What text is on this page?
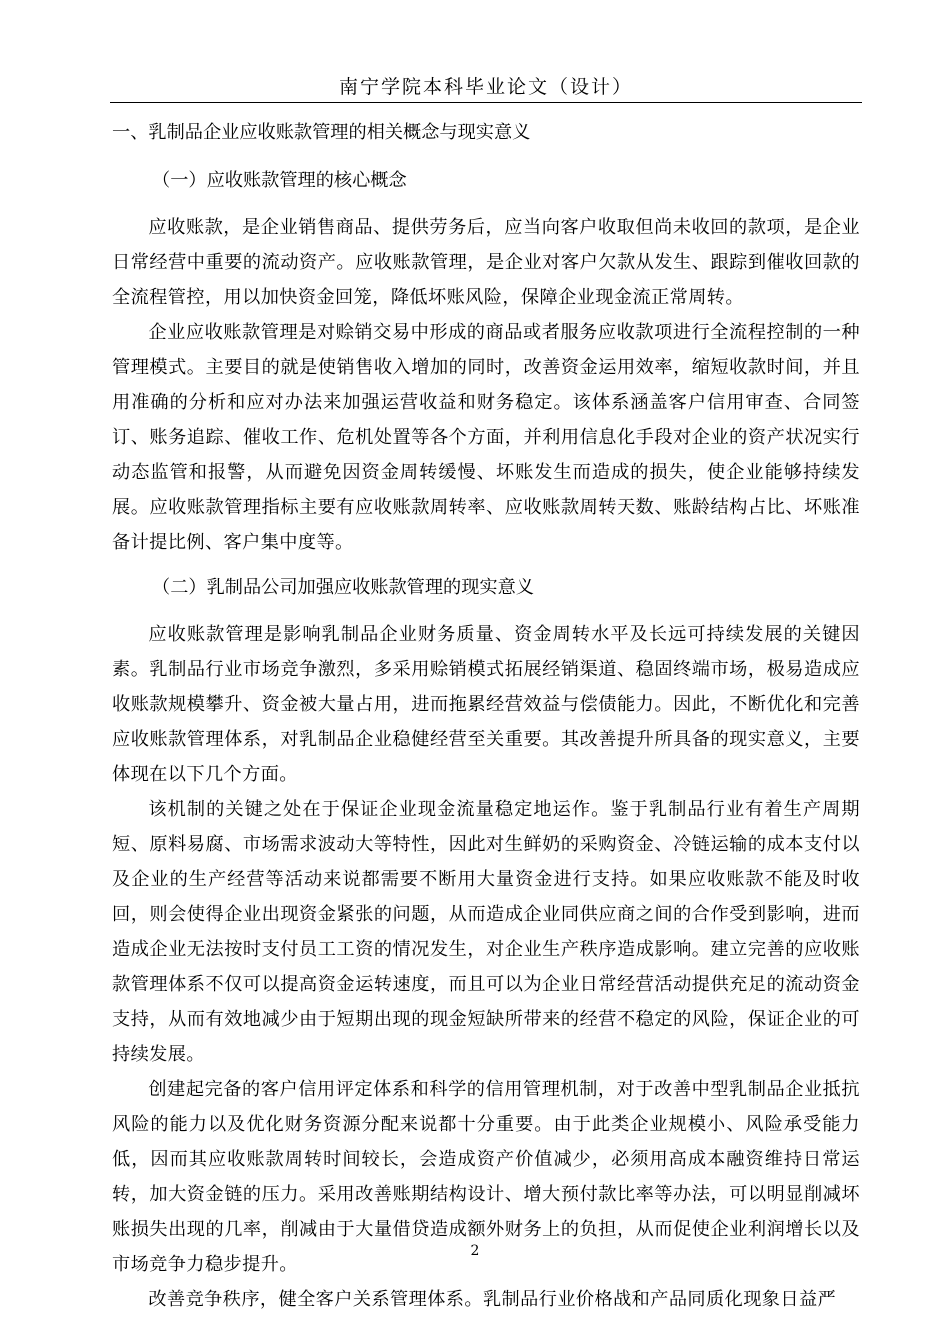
南宁学院本科毕业论文（设计）
一、乳制品企业应收账款管理的相关概念与现实意义
（一）应收账款管理的核心概念

应收账款，是企业销售商品、提供劳务后，应当向客户收取但尚未收回的款项，是企业日常经营中重要的流动资产。应收账款管理，是企业对客户欠款从发生、跟踪到催收回款的全流程管控，用以加快资金回笼，降低坏账风险，保障企业现金流正常周转。

企业应收账款管理是对赊销交易中形成的商品或者服务应收款项进行全流程控制的一种管理模式。主要目的就是使销售收入增加的同时，改善资金运用效率，缩短收款时间，并且用准确的分析和应对办法来加强运营收益和财务稳定。该体系涵盖客户信用审查、合同签订、账务追踪、催收工作、危机处置等各个方面，并利用信息化手段对企业的资产状况实行动态监管和报警，从而避免因资金周转缓慢、坏账发生而造成的损失，使企业能够持续发展。应收账款管理指标主要有应收账款周转率、应收账款周转天数、账龄结构占比、坏账准备计提比例、客户集中度等。

（二）乳制品公司加强应收账款管理的现实意义

应收账款管理是影响乳制品企业财务质量、资金周转水平及长远可持续发展的关键因素。乳制品行业市场竞争激烈，多采用赊销模式拓展经销渠道、稳固终端市场，极易造成应收账款规模攀升、资金被大量占用，进而拖累经营效益与偿债能力。因此，不断优化和完善应收账款管理体系，对乳制品企业稳健经营至关重要。其改善提升所具备的现实意义，主要体现在以下几个方面。

该机制的关键之处在于保证企业现金流量稳定地运作。鉴于乳制品行业有着生产周期短、原料易腐、市场需求波动大等特性，因此对生鲜奶的采购资金、冷链运输的成本支付以及企业的生产经营等活动来说都需要不断用大量资金进行支持。如果应收账款不能及时收回，则会使得企业出现资金紧张的问题，从而造成企业同供应商之间的合作受到影响，进而造成企业无法按时支付员工工资的情况发生，对企业生产秩序造成影响。建立完善的应收账款管理体系不仅可以提高资金运转速度，而且可以为企业日常经营活动提供充足的流动资金支持，从而有效地减少由于短期出现的现金短缺所带来的经营不稳定的风险，保证企业的可持续发展。

创建起完备的客户信用评定体系和科学的信用管理机制，对于改善中型乳制品企业抵抗风险的能力以及优化财务资源分配来说都十分重要。由于此类企业规模小、风险承受能力低，因而其应收账款周转时间较长，会造成资产价值减少，必须用高成本融资维持日常运转，加大资金链的压力。采用改善账期结构设计、增大预付款比率等办法，可以明显削减坏账损失出现的几率，削减由于大量借贷造成额外财务上的负担，从而促使企业利润增长以及市场竞争力稳步提升。

改善竞争秩序，健全客户关系管理体系。乳制品行业价格战和产品同质化现象日益严

2
